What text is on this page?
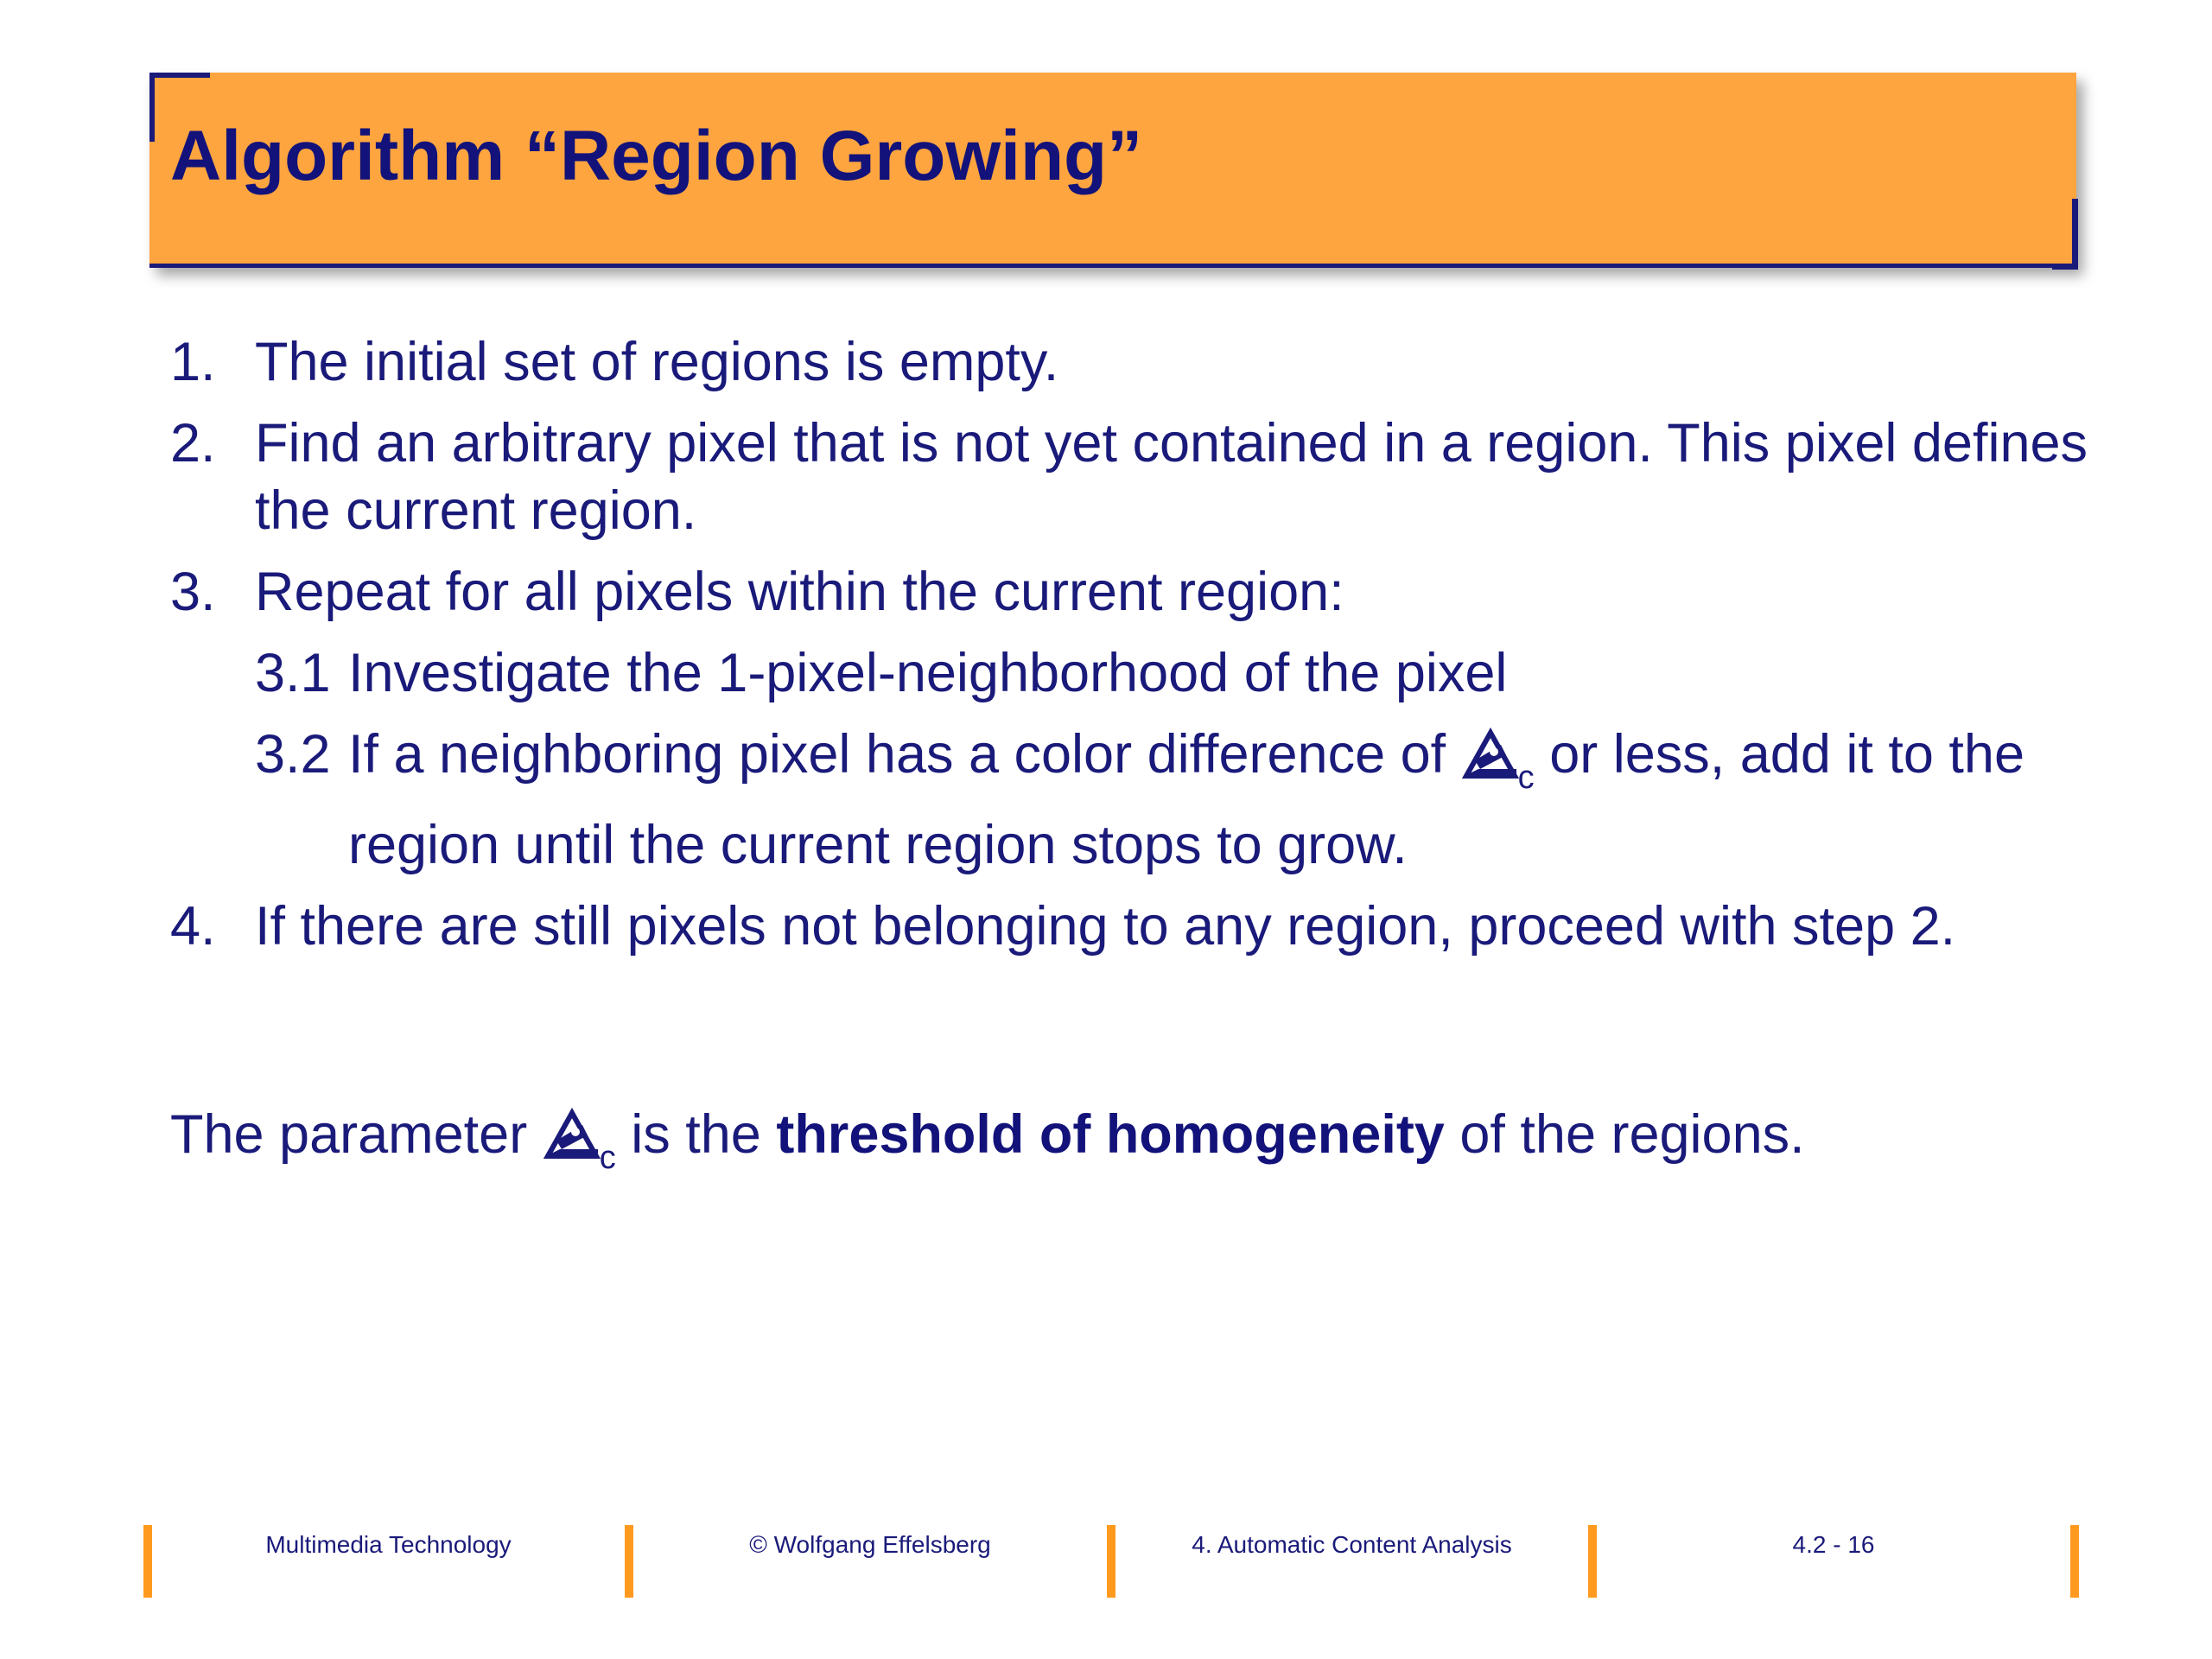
Algorithm “Region Growing”
1. The initial set of regions is empty.
2. Find an arbitrary pixel that is not yet contained in a region. This pixel defines the current region.
3. Repeat for all pixels within the current region:
3.1 Investigate the 1-pixel-neighborhood of the pixel
3.2 If a neighboring pixel has a color difference of $_c$ or less, add it to the region until the current region stops to grow.
4. If there are still pixels not belonging to any region, proceed with step 2.
The parameter $_c$ is the threshold of homogeneity of the regions.
Multimedia Technology	© Wolfgang Effelsberg	4. Automatic Content Analysis	4.2 - 16
